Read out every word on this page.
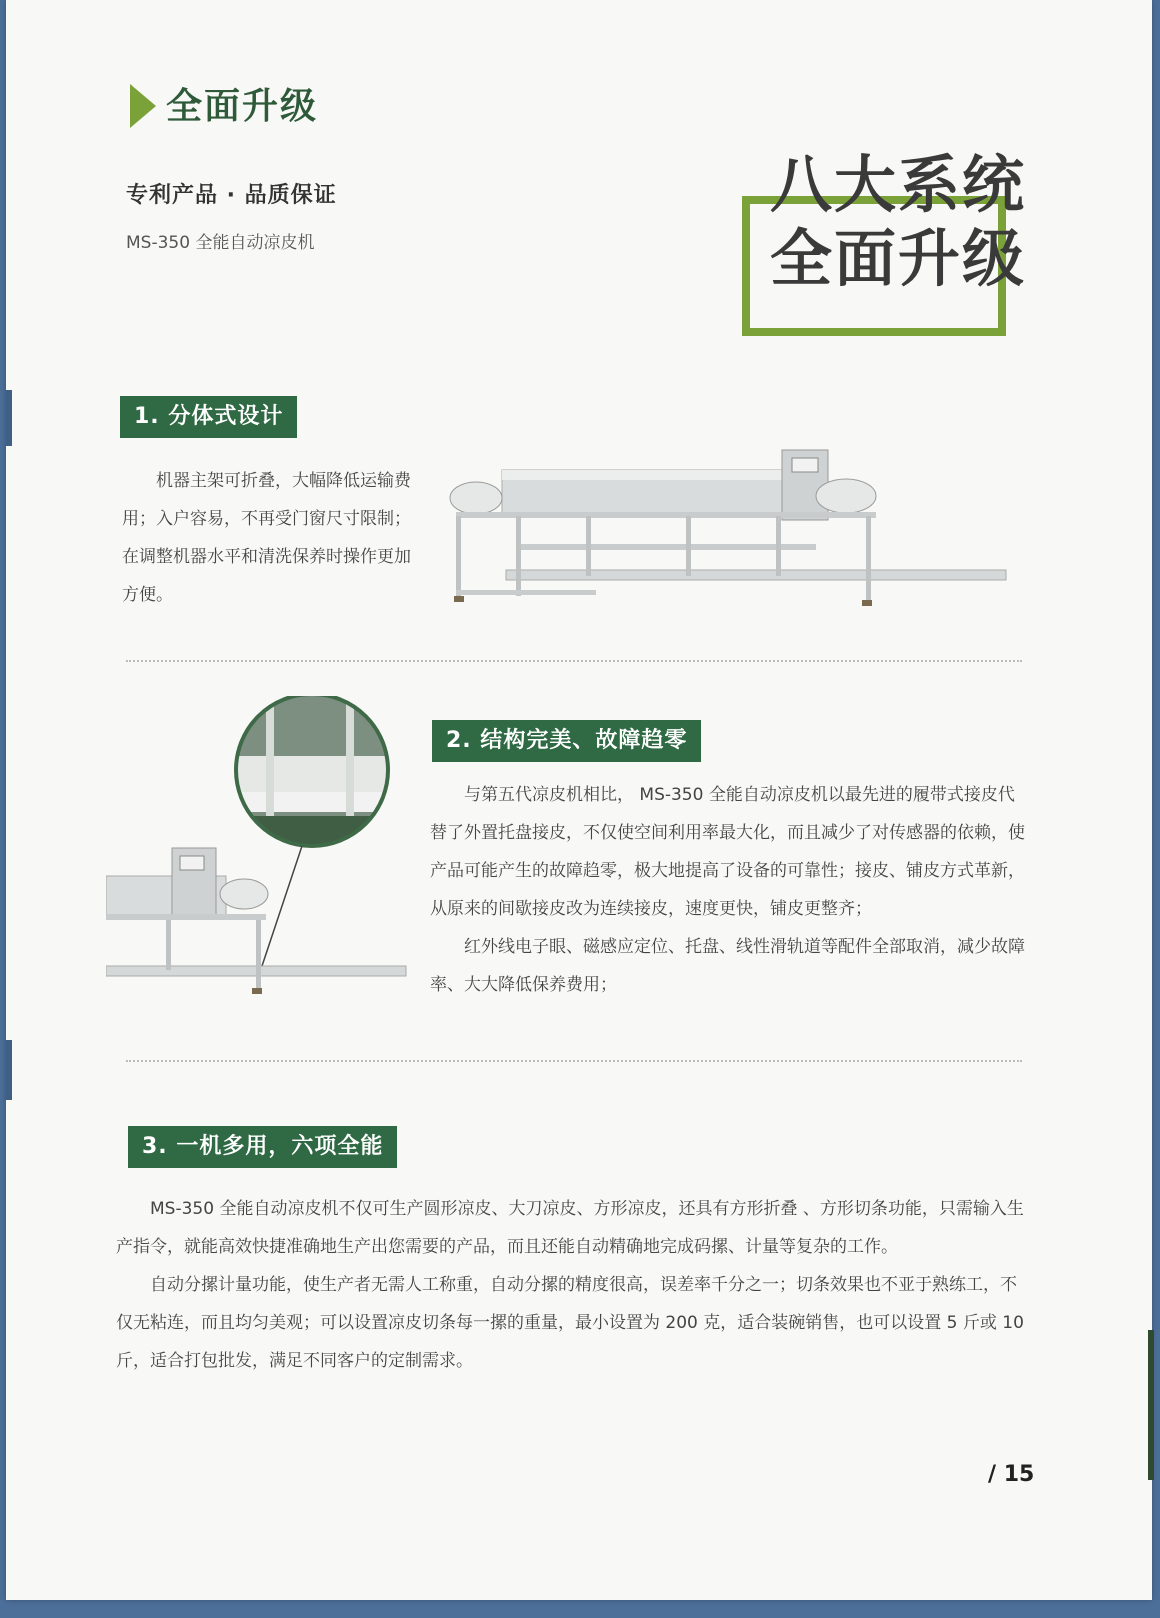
全面升级
专利产品 · 品质保证
MS-350 全能自动凉皮机
八大系统
全面升级
1. 分体式设计

机器主架可折叠，大幅降低运输费用；入户容易，不再受门窗尺寸限制；在调整机器水平和清洗保养时操作更加方便。

2. 结构完美、故障趋零

与第五代凉皮机相比， MS-350 全能自动凉皮机以最先进的履带式接皮代替了外置托盘接皮，不仅使空间利用率最大化，而且减少了对传感器的依赖，使产品可能产生的故障趋零，极大地提高了设备的可靠性；接皮、铺皮方式革新，从原来的间歇接皮改为连续接皮，速度更快，铺皮更整齐；

红外线电子眼、磁感应定位、托盘、线性滑轨道等配件全部取消，减少故障率、大大降低保养费用；

3. 一机多用，六项全能

MS-350 全能自动凉皮机不仅可生产圆形凉皮、大刀凉皮、方形凉皮，还具有方形折叠 、方形切条功能，只需输入生产指令，就能高效快捷准确地生产出您需要的产品，而且还能自动精确地完成码摞、计量等复杂的工作。

自动分摞计量功能，使生产者无需人工称重，自动分摞的精度很高，误差率千分之一；切条效果也不亚于熟练工，不仅无粘连，而且均匀美观；可以设置凉皮切条每一摞的重量，最小设置为 200 克，适合装碗销售，也可以设置 5 斤或 10 斤，适合打包批发，满足不同客户的定制需求。

/ 15
